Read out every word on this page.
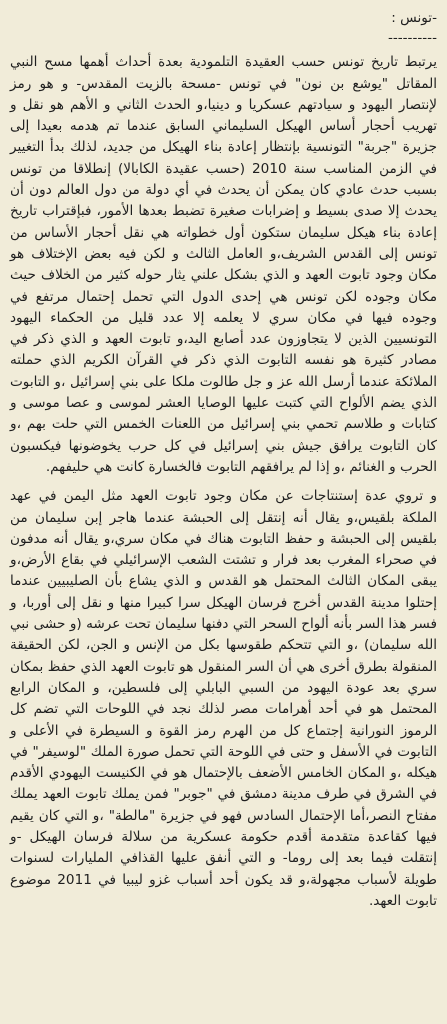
-تونس :
----------

يرتبط تاريخ تونس حسب العقيدة التلمودية بعدة أحداث أهمها مسح النبي المقاتل "يوشع بن نون" في تونس -مسحة بالزيت المقدس- و هو رمز لإنتصار اليهود و سيادتهم عسكريا و دينيا،و الحدث الثاني و الأهم هو نقل و تهريب أحجار أساس الهيكل السليماني السابق عندما تم هدمه بعيدا إلى جزيرة "جربة" التونسية بإنتظار إعادة بناء الهيكل من جديد، لذلك بدأ التغيير في الزمن المناسب سنة 2010 (حسب عقيدة الكابالا) إنطلاقا من تونس بسبب حدث عادي كان يمكن أن يحدث في أي دولة من دول العالم دون أن يحدث إلا صدى بسيط و إضرابات صغيرة تضبط بعدها الأمور، فبإقتراب تاريخ إعادة بناء هيكل سليمان ستكون أول خطواته هي نقل أحجار الأساس من تونس إلى القدس الشريف،و العامل الثالث و لكن فيه بعض الإختلاف هو مكان وجود تابوت العهد و الذي بشكل علني يثار حوله كثير من الخلاف حيث مكان وجوده لكن تونس هي إحدى الدول التي تحمل إحتمال مرتفع في وجوده فيها في مكان سري لا يعلمه إلا عدد قليل من الحكماء اليهود التونسيين الذين لا يتجاوزون عدد أصابع اليد،و تابوت العهد و الذي ذكر في مصادر كثيرة هو نفسه التابوت الذي ذكر في القرآن الكريم الذي حملته الملائكة عندما أرسل الله عز و جل طالوت ملكا على بني إسرائيل ،و التابوت الذي يضم الألواح التي كتبت عليها الوصايا العشر لموسى و عصا موسى و كتابات و طلاسم تحمي بني إسرائيل من اللعنات الخمس التي حلت بهم ،و كان التابوت يرافق جيش بني إسرائيل في كل حرب يخوضونها فيكسبون الحرب و الغنائم ،و إذا لم يرافقهم التابوت فالخسارة كانت هي حليفهم.

و تروي عدة إستنتاجات عن مكان وجود تابوت العهد مثل اليمن في عهد الملكة بلقيس،و يقال أنه إنتقل إلى الحبشة عندما هاجر إبن سليمان من بلقيس إلى الحبشة و حفظ التابوت هناك في مكان سري،و يقال أنه مدفون في صحراء المغرب بعد فرار و تشتت الشعب الإسرائيلي في بقاع الأرض،و يبقى المكان الثالث المحتمل هو القدس و الذي يشاع بأن الصليبيين عندما إحتلوا مدينة القدس أخرج فرسان الهيكل سرا كبيرا منها و نقل إلى أوربا، و فسر هذا السر بأنه ألواح السحر التي دفنها سليمان تحت عرشه (و حشى نبي الله سليمان) ،و التي تتحكم طقوسها بكل من الإنس و الجن، لكن الحقيقة المنقولة بطرق أخرى هي أن السر المنقول هو تابوت العهد الذي حفظ بمكان سري بعد عودة اليهود من السبي البابلي إلى فلسطين، و المكان الرابع المحتمل هو في أحد أهرامات مصر لذلك نجد في اللوحات التي تضم كل الرموز النورانية إجتماع كل من الهرم رمز القوة و السيطرة في الأعلى و التابوت في الأسفل و حتى في اللوحة التي تحمل صورة الملك "لوسيفر" في هيكله ،و المكان الخامس الأضعف بالإحتمال هو في الكنيست اليهودي الأقدم في الشرق في طرف مدينة دمشق في "جوبر" فمن يملك تابوت العهد يملك مفتاح النصر،أما الإحتمال السادس فهو في جزيرة "مالطة" ،و التي كان يقيم فيها كقاعدة متقدمة أقدم حكومة عسكرية من سلالة فرسان الهيكل -و إنتقلت فيما بعد إلى روما- و التي أنفق عليها القذافي المليارات لسنوات طويلة لأسباب مجهولة،و قد يكون أحد أسباب غزو ليبيا في 2011 موضوع تابوت العهد.
